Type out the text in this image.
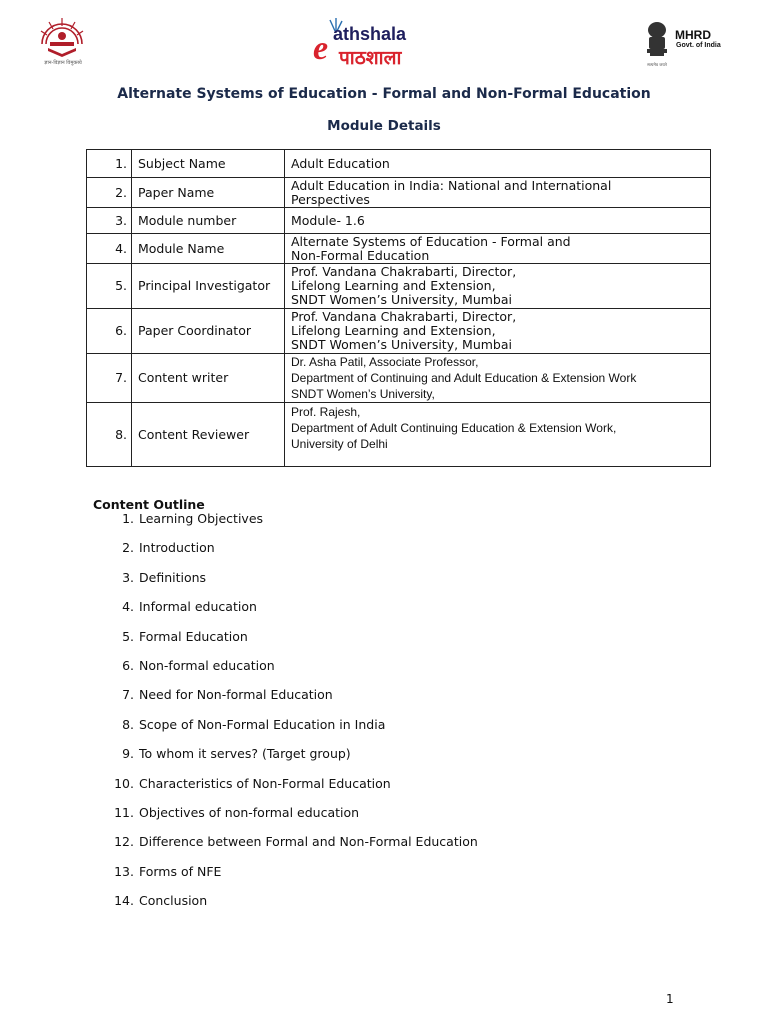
ज्ञान-विज्ञान विमुक्तये	e athshala
पाठशाला	सत्यमेव जयते
MHRD
Govt. of India
Alternate Systems of Education - Formal and Non-Formal Education
Module Details
1.	Subject Name	Adult Education

2.	Paper Name	Adult Education in India: National and International
Perspectives

3.	Module number	Module- 1.6

4.	Module Name	Alternate Systems of Education - Formal and
Non-Formal Education

5.	Principal Investigator	Prof. Vandana Chakrabarti, Director,
Lifelong Learning and Extension,
SNDT Women’s University, Mumbai

6.	Paper Coordinator	Prof. Vandana Chakrabarti, Director,
Lifelong Learning and Extension,
SNDT Women’s University, Mumbai

7.	Content writer	Dr. Asha Patil, Associate Professor,
Department of Continuing and Adult Education & Extension Work
SNDT Women’s University,

8.	Content Reviewer	Prof. Rajesh,
Department of Adult Continuing Education & Extension Work,
University of Delhi
Content Outline
1. Learning Objectives
2. Introduction
3. Definitions
4. Informal education
5. Formal Education
6. Non-formal education
7. Need for Non-formal Education
8. Scope of Non-Formal Education in India
9. To whom it serves? (Target group)
10. Characteristics of Non-Formal Education
11. Objectives of non-formal education
12. Difference between Formal and Non-Formal Education
13. Forms of NFE
14. Conclusion
1
